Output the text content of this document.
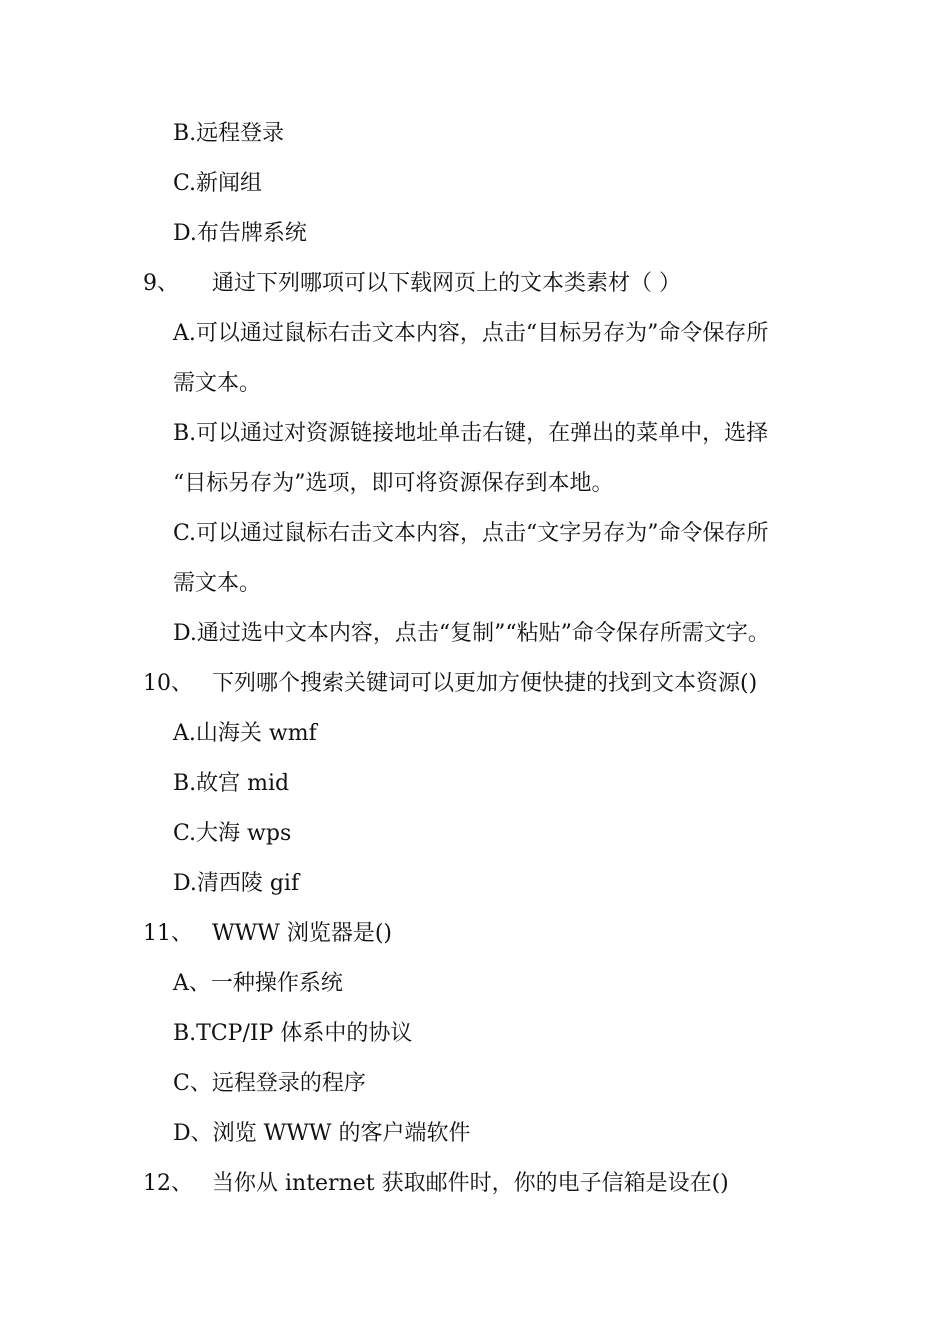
B.远程登录
C.新闻组
D.布告牌系统
9、 通过下列哪项可以下载网页上的文本类素材（ ）
A.可以通过鼠标右击文本内容，点击“目标另存为”命令保存所
需文本。
B.可以通过对资源链接地址单击右键，在弹出的菜单中，选择
“目标另存为”选项，即可将资源保存到本地。
C.可以通过鼠标右击文本内容，点击“文字另存为”命令保存所
需文本。
D.通过选中文本内容，点击“复制”“粘贴”命令保存所需文字。
10、 下列哪个搜索关键词可以更加方便快捷的找到文本资源()
A.山海关 wmf
B.故宫 mid
C.大海 wps
D.清西陵 gif
11、 WWW 浏览器是()
A、一种操作系统
B.TCP/IP 体系中的协议
C、远程登录的程序
D、浏览 WWW 的客户端软件
12、 当你从 internet 获取邮件时，你的电子信箱是设在()
